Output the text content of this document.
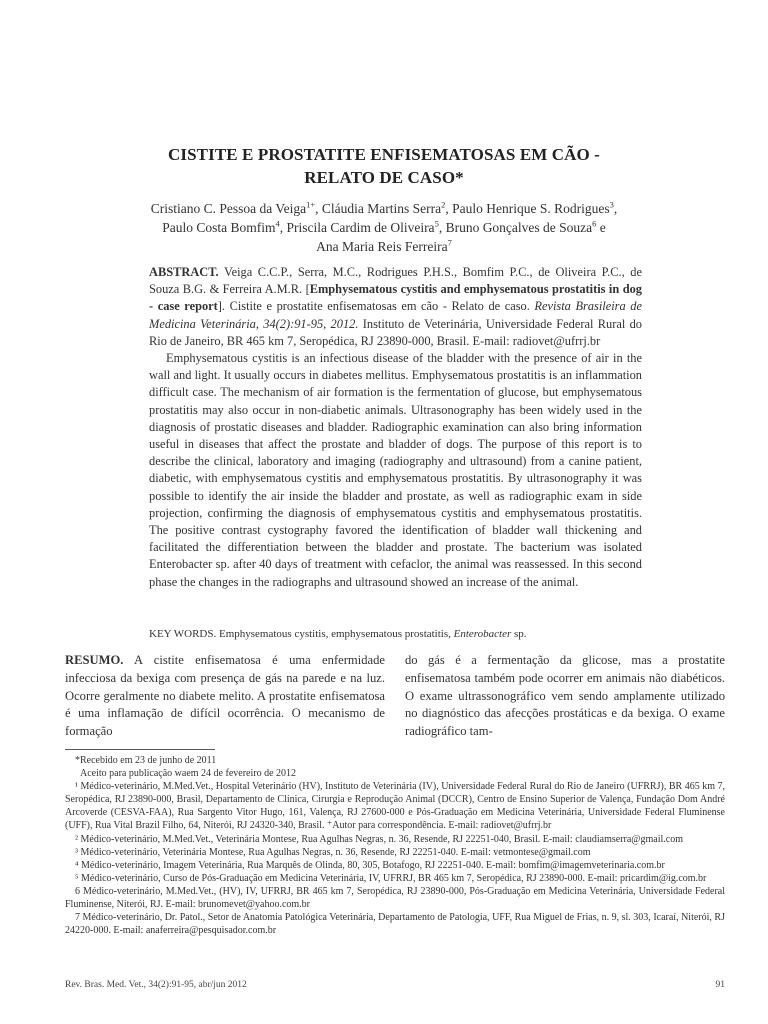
CISTITE E PROSTATITE ENFISEMATOSAS EM CÃO -
RELATO DE CASO*
Cristiano C. Pessoa da Veiga$^{1+}$, Cláudia Martins Serra$^2$, Paulo Henrique S. Rodrigues$^3$, Paulo Costa Bomfim$^4$, Priscila Cardim de Oliveira$^5$, Bruno Gonçalves de Souza$^6$ e Ana Maria Reis Ferreira$^7$

ABSTRACT. Veiga C.C.P., Serra, M.C., Rodrigues P.H.S., Bomfim P.C., de Oliveira P.C., de Souza B.G. & Ferreira A.M.R. [Emphysematous cystitis and emphysematous prostatitis in dog - case report]. Cistite e prostatite enfisematosas em cão - Relato de caso. Revista Brasileira de Medicina Veterinária, 34(2):91-95, 2012. Instituto de Veterinária, Universidade Federal Rural do Rio de Janeiro, BR 465 km 7, Seropédica, RJ 23890-000, Brasil. E-mail: radiovet@ufrrj.br

Emphysematous cystitis is an infectious disease of the bladder with the presence of air in the wall and light. It usually occurs in diabetes mellitus. Emphysematous prostatitis is an inflammation difficult case. The mechanism of air formation is the fermentation of glucose, but emphysematous prostatitis may also occur in non-diabetic animals. Ultrasonography has been widely used in the diagnosis of prostatic diseases and bladder. Radiographic examination can also bring information useful in diseases that affect the prostate and bladder of dogs. The purpose of this report is to describe the clinical, laboratory and imaging (radiography and ultrasound) from a canine patient, diabetic, with emphysematous cystitis and emphysematous prostatitis. By ultrasonography it was possible to identify the air inside the bladder and prostate, as well as radiographic exam in side projection, confirming the diagnosis of emphysematous cystitis and emphysematous prostatitis. The positive contrast cystography favored the identification of bladder wall thickening and facilitated the differentiation between the bladder and prostate. The bacterium was isolated Enterobacter sp. after 40 days of treatment with cefaclor, the animal was reassessed. In this second phase the changes in the radiographs and ultrasound showed an increase of the animal.

KEY WORDS. Emphysematous cystitis, emphysematous prostatitis, Enterobacter sp.
RESUMO. A cistite enfisematosa é uma enfermidade infecciosa da bexiga com presença de gás na parede e na luz. Ocorre geralmente no diabete melito. A prostatite enfisematosa é uma inflamação de difícil ocorrência. O mecanismo de formação
do gás é a fermentação da glicose, mas a prostatite enfisematosa também pode ocorrer em animais não diabéticos. O exame ultrassonográfico vem sendo amplamente utilizado no diagnóstico das afecções prostáticas e da bexiga. O exame radiográfico tam-

*Recebido em 23 de junho de 2011

Aceito para publicação waem 24 de fevereiro de 2012

¹ Médico-veterinário, M.Med.Vet., Hospital Veterinário (HV), Instituto de Veterinária (IV), Universidade Federal Rural do Rio de Janeiro (UFRRJ), BR 465 km 7, Seropédica, RJ 23890-000, Brasil, Departamento de Clínica, Cirurgia e Reprodução Animal (DCCR), Centro de Ensino Superior de Valença, Fundação Dom André Arcoverde (CESVA-FAA), Rua Sargento Vitor Hugo, 161, Valença, RJ 27600-000 e Pós-Graduação em Medicina Veterinária, Universidade Federal Fluminense (UFF), Rua Vital Brazil Filho, 64, Niterói, RJ 24320-340, Brasil. ⁺Autor para correspondência. E-mail: radiovet@ufrrj.br

² Médico-veterinário, M.Med.Vet., Veterinária Montese, Rua Agulhas Negras, n. 36, Resende, RJ 22251-040, Brasil. E-mail: claudiamserra@gmail.com

³ Médico-veterinário, Veterinária Montese, Rua Agulhas Negras, n. 36, Resende, RJ 22251-040. E-mail: vetmontese@gmail.com

⁴ Médico-veterinário, Imagem Veterinária, Rua Marquês de Olinda, 80, 305, Botafogo, RJ 22251-040. E-mail: bomfim@imagemveterinaria.com.br

⁵ Médico-veterinário, Curso de Pós-Graduação em Medicina Veterinária, IV, UFRRJ, BR 465 km 7, Seropédica, RJ 23890-000. E-mail: pricardim@ig.com.br

6 Médico-veterinário, M.Med.Vet., (HV), IV, UFRRJ, BR 465 km 7, Seropédica, RJ 23890-000, Pós-Graduação em Medicina Veterinária, Universidade Federal Fluminense, Niterói, RJ. E-mail: brunomevet@yahoo.com.br

7 Médico-veterinário, Dr. Patol., Setor de Anatomia Patológica Veterinária, Departamento de Patologia, UFF, Rua Miguel de Frias, n. 9, sl. 303, Icaraí, Niterói, RJ 24220-000. E-mail: anaferreira@pesquisador.com.br

Rev. Bras. Med. Vet., 34(2):91-95, abr/jun 2012	91
